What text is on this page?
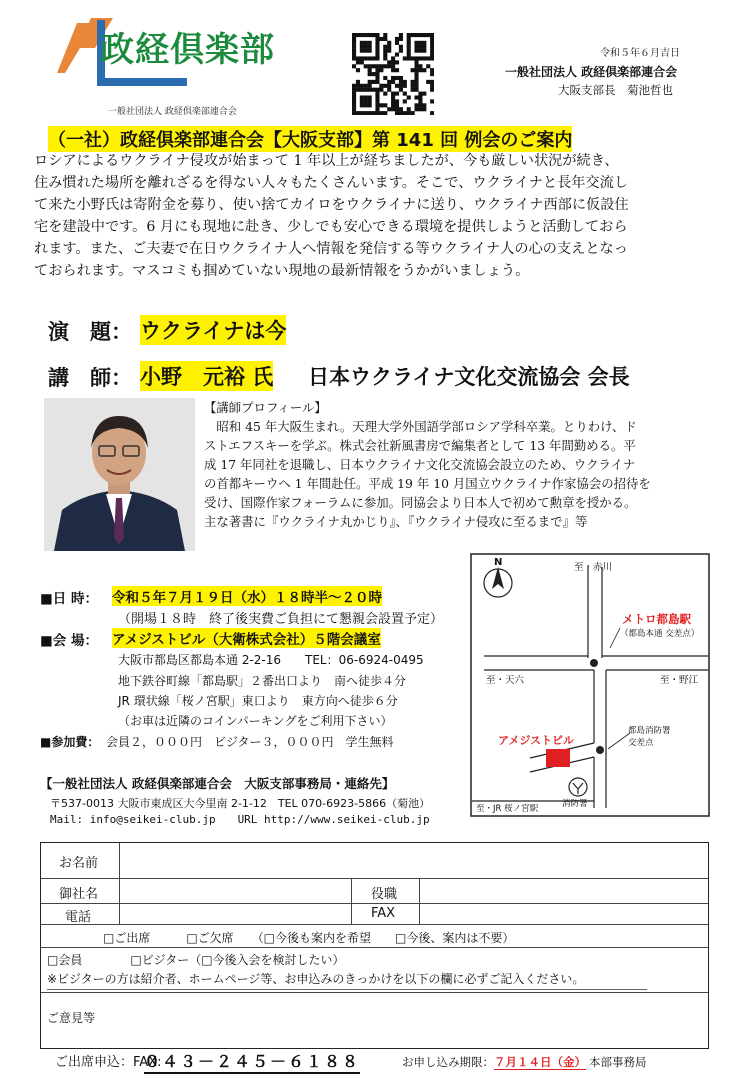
政経倶楽部
一般社団法人 政経倶楽部連合会
令和５年６月吉日
一般社団法人 政経倶楽部連合会
大阪支部長　菊池哲也
（一社）政経倶楽部連合会【大阪支部】第 141 回 例会のご案内
ロシアによるウクライナ侵攻が始まって 1 年以上が経ちましたが、今も厳しい状況が続き、
住み慣れた場所を離れざるを得ない人々もたくさんいます。そこで、ウクライナと長年交流し
て来た小野氏は寄附金を募り、使い捨てカイロをウクライナに送り、ウクライナ西部に仮設住
宅を建設中です。6 月にも現地に赴き、少しでも安心できる環境を提供しようと活動しておら
れます。また、ご夫妻で在日ウクライナ人へ情報を発信する等ウクライナ人の心の支えとなっ
ておられます。マスコミも掴めていない現地の最新情報をうかがいましょう。
演　題： ウクライナは今
講　師： 小野　元裕 氏 日本ウクライナ文化交流協会 会長
【講師プロフィール】
　昭和 45 年大阪生まれ。天理大学外国語学部ロシア学科卒業。とりわけ、ド
ストエフスキーを学ぶ。株式会社新風書房で編集者として 13 年間勤める。平
成 17 年同社を退職し、日本ウクライナ文化交流協会設立のため、ウクライナ
の首都キーウへ 1 年間赴任。平成 19 年 10 月国立ウクライナ作家協会の招待を
受け、国際作家フォーラムに参加。同協会より日本人で初めて勲章を授かる。
主な著書に『ウクライナ丸かじり』、『ウクライナ侵攻に至るまで』等
■日 時： 令和５年７月１９日（水）１８時半～２０時
（開場１８時　終了後実費ご負担にて懇親会設置予定）
■会 場： アメジストビル（大衛株式会社）５階会議室
大阪市都島区都島本通 2-2-16　　TEL：06-6924-0495
地下鉄谷町線「都島駅」２番出口より　南へ徒歩４分
JR 環状線「桜ノ宮駅」東口より　東方向へ徒歩６分
（お車は近隣のコインパーキングをご利用下さい）
■参加費： 会員２，０００円　ビジター３，０００円　学生無料
【一般社団法人 政経倶楽部連合会　大阪支部事務局・連絡先】
〒537-0013 大阪市東成区大今里南 2-1-12　TEL 070-6923-5866（菊池）
Mail: info@seikei-club.jp　　URL http://www.seikei-club.jp
N	至・赤川
メトロ都島駅
（都島本通 交差点）
至・天六	至・野江
都島消防署
交差点
アメジストビル
消防署
至・JR 桜ノ宮駅
お名前
御社名	役職
電話	FAX
□ご出席　　　□ご欠席　　（□今後も案内を希望　　□今後、案内は不要）
□会員　　　　□ビジター（□今後入会を検討したい）
※ビジターの方は紹介者、ホームページ等、お申込みのきっかけを以下の欄に必ずご記入ください。
ご意見等
ご出席申込：FAX:
０４３－２４５－６１８８	お申し込み期限：７月１４日（金） 本部事務局
